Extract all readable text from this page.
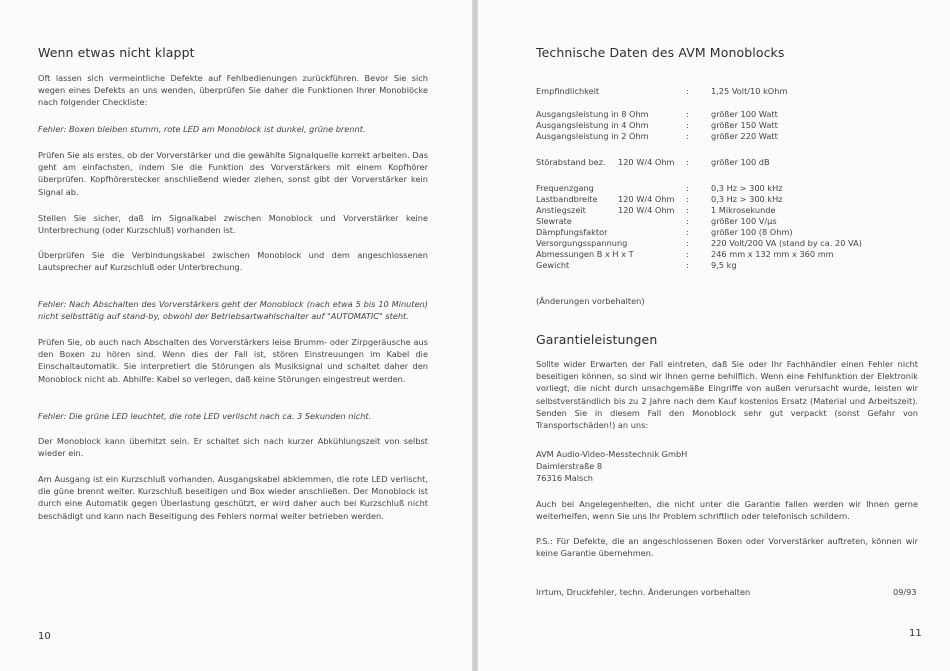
Wenn etwas nicht klappt
Oft lassen sich vermeintliche Defekte auf Fehlbedienungen zurückführen. Bevor Sie sich wegen eines Defekts an uns wenden, überprüfen Sie daher die Funktionen Ihrer Monoblöcke nach folgender Checkliste:
Fehler: Boxen bleiben stumm, rote LED am Monoblock ist dunkel, grüne brennt.
Prüfen Sie als erstes, ob der Vorverstärker und die gewählte Signalquelle korrekt arbeiten. Das geht am einfachsten, indem Sie die Funktion des Vorverstärkers mit einem Kopfhörer überprüfen. Kopfhörerstecker anschließend wieder ziehen, sonst gibt der Vorverstärker kein Signal ab.
Stellen Sie sicher, daß im Signalkabel zwischen Monoblock und Vorverstärker keine Unterbrechung (oder Kurzschluß) vorhanden ist.
Überprüfen Sie die Verbindungskabel zwischen Monoblock und dem angeschlossenen Lautsprecher auf Kurzschluß oder Unterbrechung.
Fehler: Nach Abschalten des Vorverstärkers geht der Monoblock (nach etwa 5 bis 10 Minuten) nicht selbsttätig auf stand-by, obwohl der Betriebsartwahlschalter auf "AUTOMATIC" steht.
Prüfen Sie, ob auch nach Abschalten des Vorverstärkers leise Brumm- oder Zirpgeräusche aus den Boxen zu hören sind. Wenn dies der Fall ist, stören Einstreuungen im Kabel die Einschaltautomatik. Sie interpretiert die Störungen als Musiksignal und schaltet daher den Monoblock nicht ab. Abhilfe: Kabel so verlegen, daß keine Störungen eingestreut werden.
Fehler: Die grüne LED leuchtet, die rote LED verlischt nach ca. 3 Sekunden nicht.
Der Monoblock kann überhitzt sein. Er schaltet sich nach kurzer Abkühlungszeit von selbst wieder ein.
Am Ausgang ist ein Kurzschluß vorhanden. Ausgangskabel abklemmen, die rote LED verlischt, die güne brennt weiter. Kurzschluß beseitigen und Box wieder anschließen. Der Monoblock ist durch eine Automatik gegen Überlastung geschützt, er wird daher auch bei Kurzschluß nicht beschädigt und kann nach Beseitigung des Fehlers normal weiter betrieben werden.
10
Technische Daten des AVM Monoblocks
Empfindlichkeit	:	1,25 Volt/10 kOhm
Ausgangsleistung in 8 Ohm	:	größer 100 Watt
Ausgangsleistung in 4 Ohm	:	größer 150 Watt
Ausgangsleistung in 2 Ohm	:	größer 220 Watt
Störabstand bez. 120 W/4 Ohm :	größer 100 dB
Frequenzgang	:	0,3 Hz > 300 kHz
Lastbandbreite 120 W/4 Ohm :	0,3 Hz > 300 kHz
Anstiegszeit	120 W/4 Ohm :	1 Mikrosekunde
Slewrate	:	größer 100 V/µs
Dämpfungsfaktor	:	größer 100 (8 Ohm)
Versorgungsspannung	:	220 Volt/200 VA (stand by ca. 20 VA)
Abmessungen B x H x T	:	246 mm x 132 mm x 360 mm
Gewicht	:	9,5 kg
(Änderungen vorbehalten)
Garantieleistungen
Sollte wider Erwarten der Fall eintreten, daß Sie oder Ihr Fachhändler einen Fehler nicht beseitigen können, so sind wir Ihnen gerne behilflich. Wenn eine Fehlfunktion der Elektronik vorliegt, die nicht durch unsachgemäße Eingriffe von außen verursacht wurde, leisten wir selbstverständlich bis zu 2 Jahre nach dem Kauf kostenlos Ersatz (Material und Arbeitszeit). Senden Sie in diesem Fall den Monoblock sehr gut verpackt (sonst Gefahr von Transportschäden!) an uns:
AVM Audio-Video-Messtechnik GmbH
Daimlerstraße 8
76316 Malsch
Auch bei Angelegenheiten, die nicht unter die Garantie fallen werden wir Ihnen gerne weiterhelfen, wenn Sie uns Ihr Problem schriftlich oder telefonisch schildern.
P.S.: Für Defekte, die an angeschlossenen Boxen oder Vorverstärker auftreten, können wir keine Garantie übernehmen.
Irrtum, Druckfehler, techn. Änderungen vorbehalten	09/93
11
